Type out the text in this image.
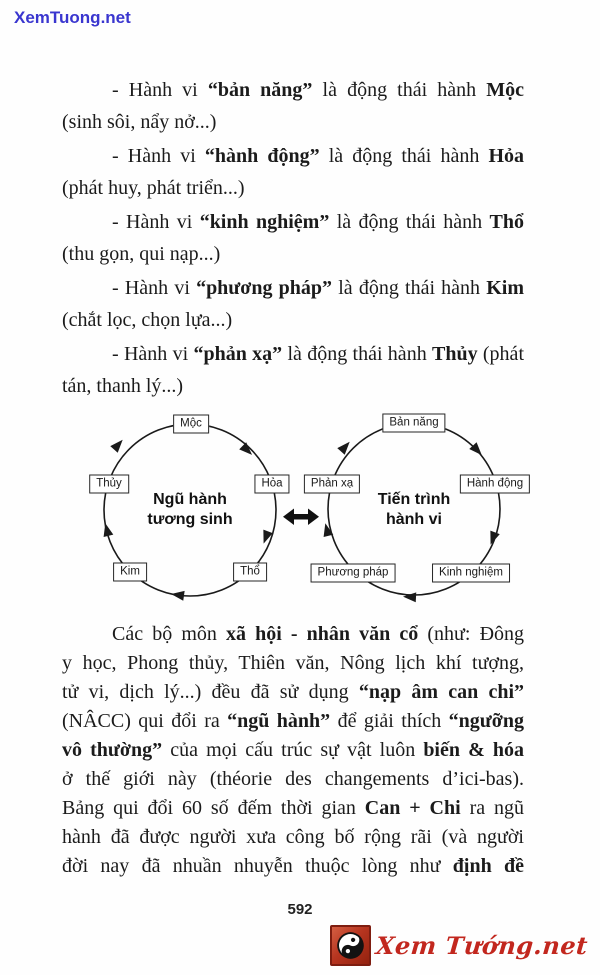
XemTuong.net

- Hành vi “bản năng” là động thái hành Mộc
(sinh sôi, nẩy nở...)

- Hành vi “hành động” là động thái hành Hỏa
(phát huy, phát triển...)

- Hành vi “kinh nghiệm” là động thái hành Thổ
(thu gọn, qui nạp...)

- Hành vi “phương pháp” là động thái hành Kim
(chắt lọc, chọn lựa...)

- Hành vi “phản xạ” là động thái hành Thủy (phát
tán, thanh lý...)

Mộc
Hỏa
Thổ
Kim
Thủy
Bản năng
Hành động
Kinh nghiệm
Phương pháp
Phản xạ
Ngũ hành
tương sinh
Tiến trình
hành vi
Các bộ môn xã hội - nhân văn cổ (như: Đông
y học, Phong thủy, Thiên văn, Nông lịch khí tượng,
tử vi, dịch lý...) đều đã sử dụng “nạp âm can chi”
(NÂCC) qui đổi ra “ngũ hành” để giải thích “ngưỡng
vô thường” của mọi cấu trúc sự vật luôn biến & hóa
ở thế giới này (théorie des changements d’ici-bas).
Bảng qui đổi 60 số đếm thời gian Can + Chi ra ngũ
hành đã được người xưa công bố rộng rãi (và người
đời nay đã nhuần nhuyễn thuộc lòng như định đề
592
Xem Tướng.net
